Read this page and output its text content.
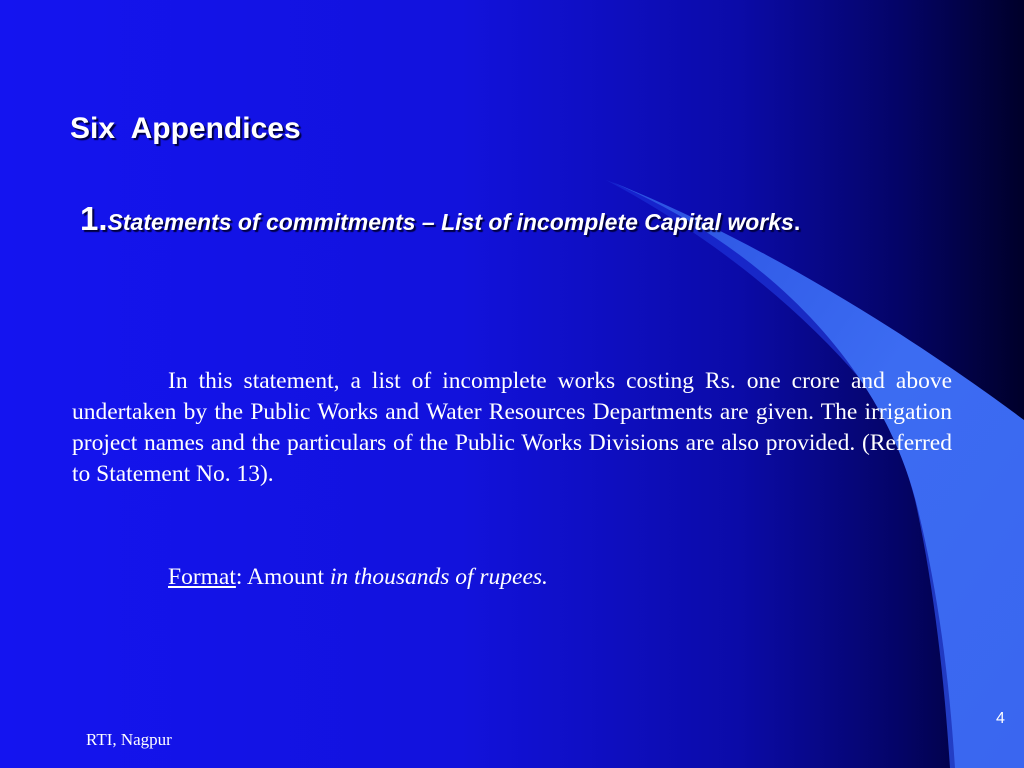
Six  Appendices
1.Statements of commitments – List of incomplete Capital works.

In this statement, a list of incomplete works costing Rs. one crore and above undertaken by the Public Works and Water Resources Departments are given. The irrigation project names and the particulars of the Public Works Divisions are also provided. (Referred to Statement No. 13).

Format: Amount in thousands of rupees.

RTI, Nagpur

4
